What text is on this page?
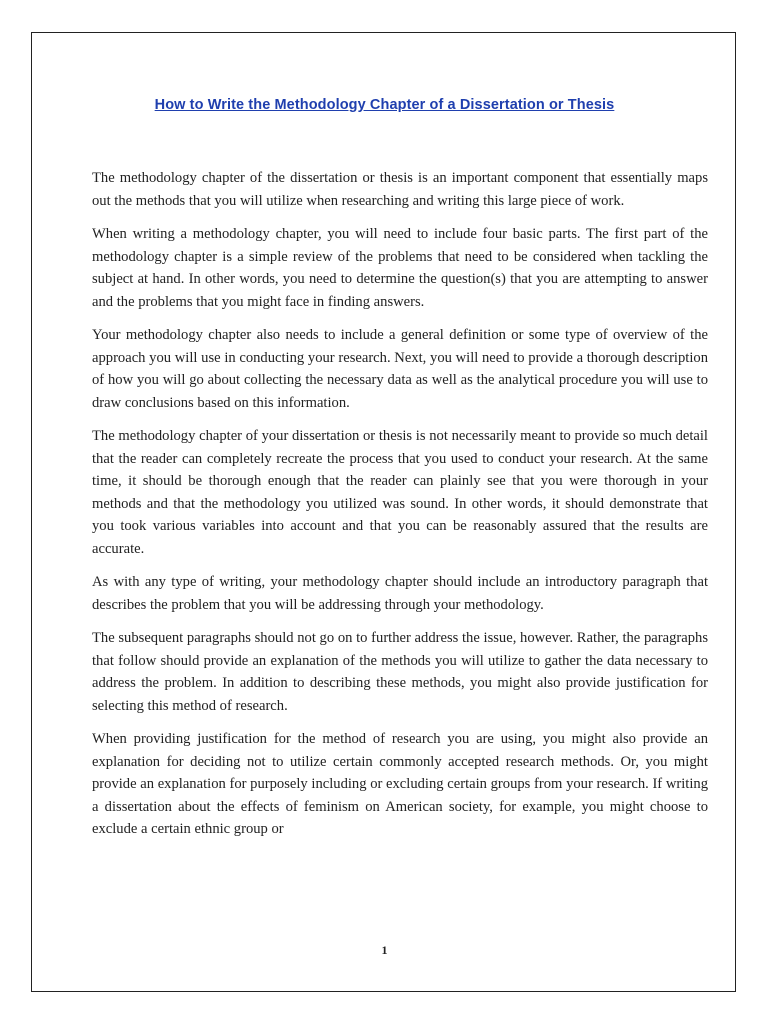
How to Write the Methodology Chapter of a Dissertation or Thesis

The methodology chapter of the dissertation or thesis is an important component that essentially maps out the methods that you will utilize when researching and writing this large piece of work.

When writing a methodology chapter, you will need to include four basic parts. The first part of the methodology chapter is a simple review of the problems that need to be considered when tackling the subject at hand. In other words, you need to determine the question(s) that you are attempting to answer and the problems that you might face in finding answers.

Your methodology chapter also needs to include a general definition or some type of overview of the approach you will use in conducting your research. Next, you will need to provide a thorough description of how you will go about collecting the necessary data as well as the analytical procedure you will use to draw conclusions based on this information.

The methodology chapter of your dissertation or thesis is not necessarily meant to provide so much detail that the reader can completely recreate the process that you used to conduct your research. At the same time, it should be thorough enough that the reader can plainly see that you were thorough in your methods and that the methodology you utilized was sound. In other words, it should demonstrate that you took various variables into account and that you can be reasonably assured that the results are accurate.

As with any type of writing, your methodology chapter should include an introductory paragraph that describes the problem that you will be addressing through your methodology.

The subsequent paragraphs should not go on to further address the issue, however. Rather, the paragraphs that follow should provide an explanation of the methods you will utilize to gather the data necessary to address the problem. In addition to describing these methods, you might also provide justification for selecting this method of research.

When providing justification for the method of research you are using, you might also provide an explanation for deciding not to utilize certain commonly accepted research methods. Or, you might provide an explanation for purposely including or excluding certain groups from your research. If writing a dissertation about the effects of feminism on American society, for example, you might choose to exclude a certain ethnic group or

1
